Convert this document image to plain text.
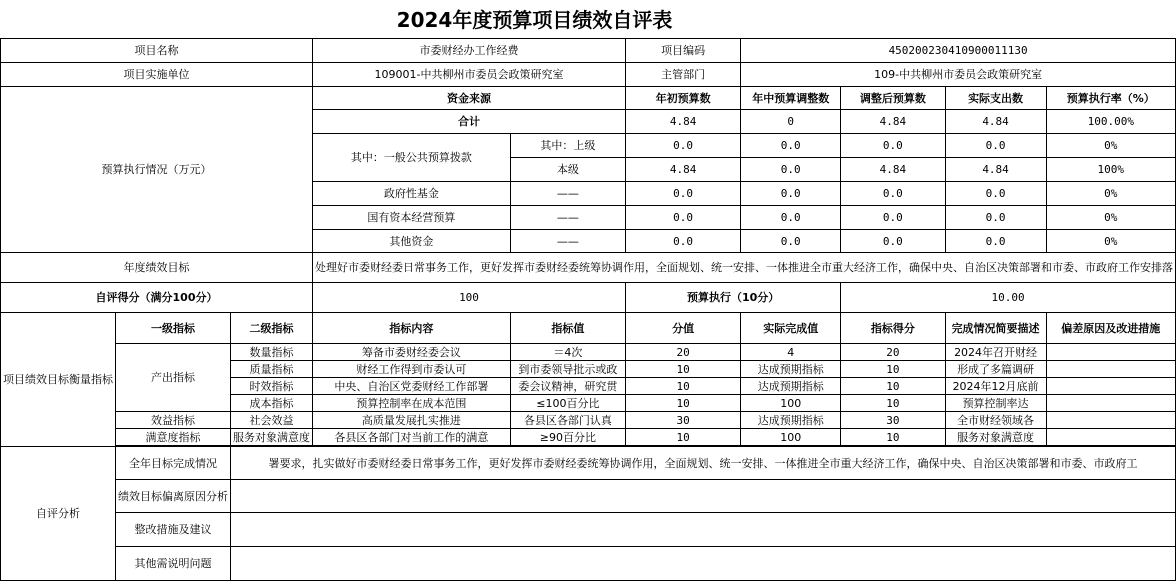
2024年度预算项目绩效自评表
项目名称			市委财经办工作经费		项目编码	450200230410900011130			
项目实施单位			109001-中共柳州市委员会政策研究室		主管部门	109-中共柳州市委员会政策研究室			
预算执行情况（万元）			资金来源		年初预算数	年中预算调整数	调整后预算数	实际支出数	预算执行率（%）
			合计		4.84	0	4.84	4.84	100.00%
			其中：一般公共预算拨款	其中：上级	0.0	0.0	0.0	0.0	0%
				本级	4.84	0.0	4.84	4.84	100%
			政府性基金	——	0.0	0.0	0.0	0.0	0%
			国有资本经营预算	——	0.0	0.0	0.0	0.0	0%
			其他资金	——	0.0	0.0	0.0	0.0	0%
年度绩效目标			处理好市委财经委日常事务工作，更好发挥市委财经委统筹协调作用，全面规划、统一安排、一体推进全市重大经济工作，确保中央、自治区决策部署和市委、市政府工作安排落						
自评得分（满分100分）			100		预算执行（10分）		10.00		
项目绩效目标衡量指标	一级指标	二级指标	指标内容	指标值	分值	实际完成值	指标得分	完成情况简要描述	偏差原因及改进措施
	产出指标	数量指标	筹备市委财经委会议	＝4次	20	4	20	2024年召开财经	
		质量指标	财经工作得到市委认可	到市委领导批示或政	10	达成预期指标	10	形成了多篇调研	
		时效指标	中央、自治区党委财经工作部署	委会议精神，研究贯	10	达成预期指标	10	2024年12月底前	
		成本指标	预算控制率在成本范围	≤100百分比	10	100	10	预算控制率达	
	效益指标	社会效益	高质量发展扎实推进	各县区各部门认真	30	达成预期指标	30	全市财经领域各	
	满意度指标	服务对象满意度	各县区各部门对当前工作的满意	≥90百分比	10	100	10	服务对象满意度	

自评分析	全年目标完成情况	署要求，扎实做好市委财经委日常事务工作，更好发挥市委财经委统筹协调作用，全面规划、统一安排、一体推进全市重大经济工作，确保中央、自治区决策部署和市委、市政府工							
	绩效目标偏离原因分析								
	整改措施及建议								
	其他需说明问题								
